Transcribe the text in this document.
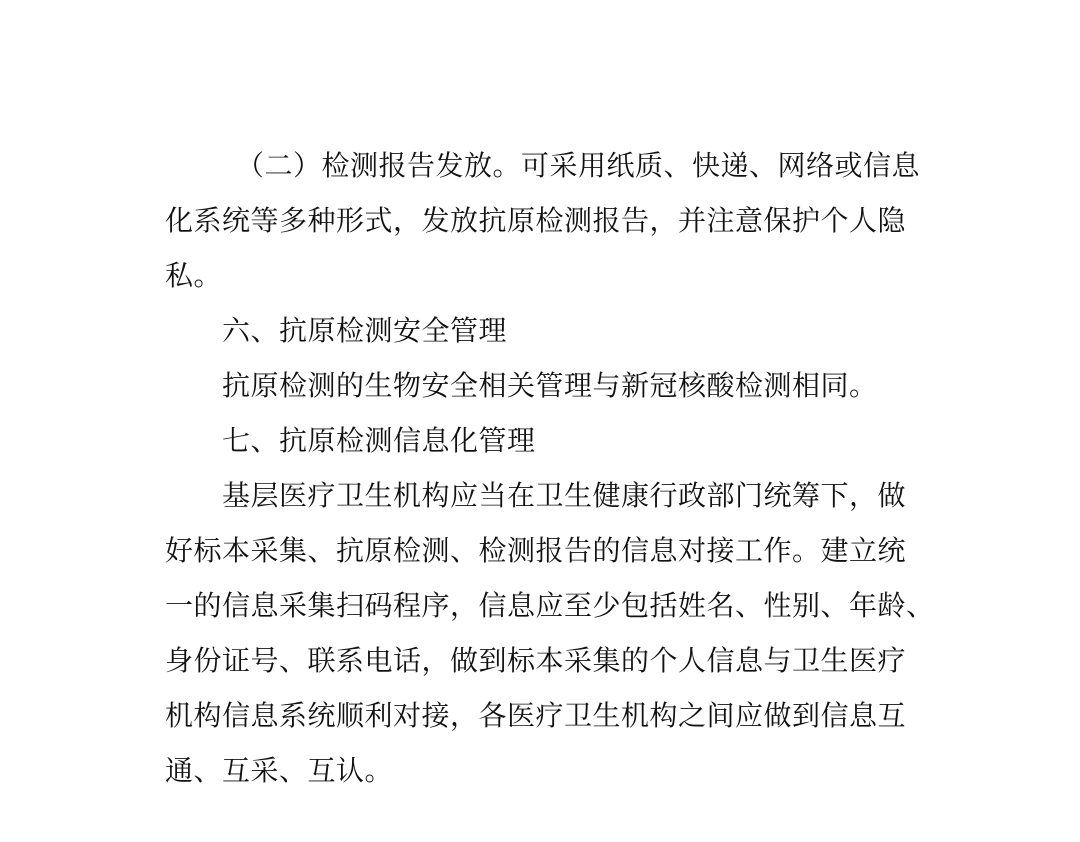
（二）检测报告发放。可采用纸质、快递、网络或信息
化系统等多种形式，发放抗原检测报告，并注意保护个人隐
私。
六、抗原检测安全管理
抗原检测的生物安全相关管理与新冠核酸检测相同。
七、抗原检测信息化管理
基层医疗卫生机构应当在卫生健康行政部门统筹下，做
好标本采集、抗原检测、检测报告的信息对接工作。建立统
一的信息采集扫码程序，信息应至少包括姓名、性别、年龄、
身份证号、联系电话，做到标本采集的个人信息与卫生医疗
机构信息系统顺利对接，各医疗卫生机构之间应做到信息互
通、互采、互认。
